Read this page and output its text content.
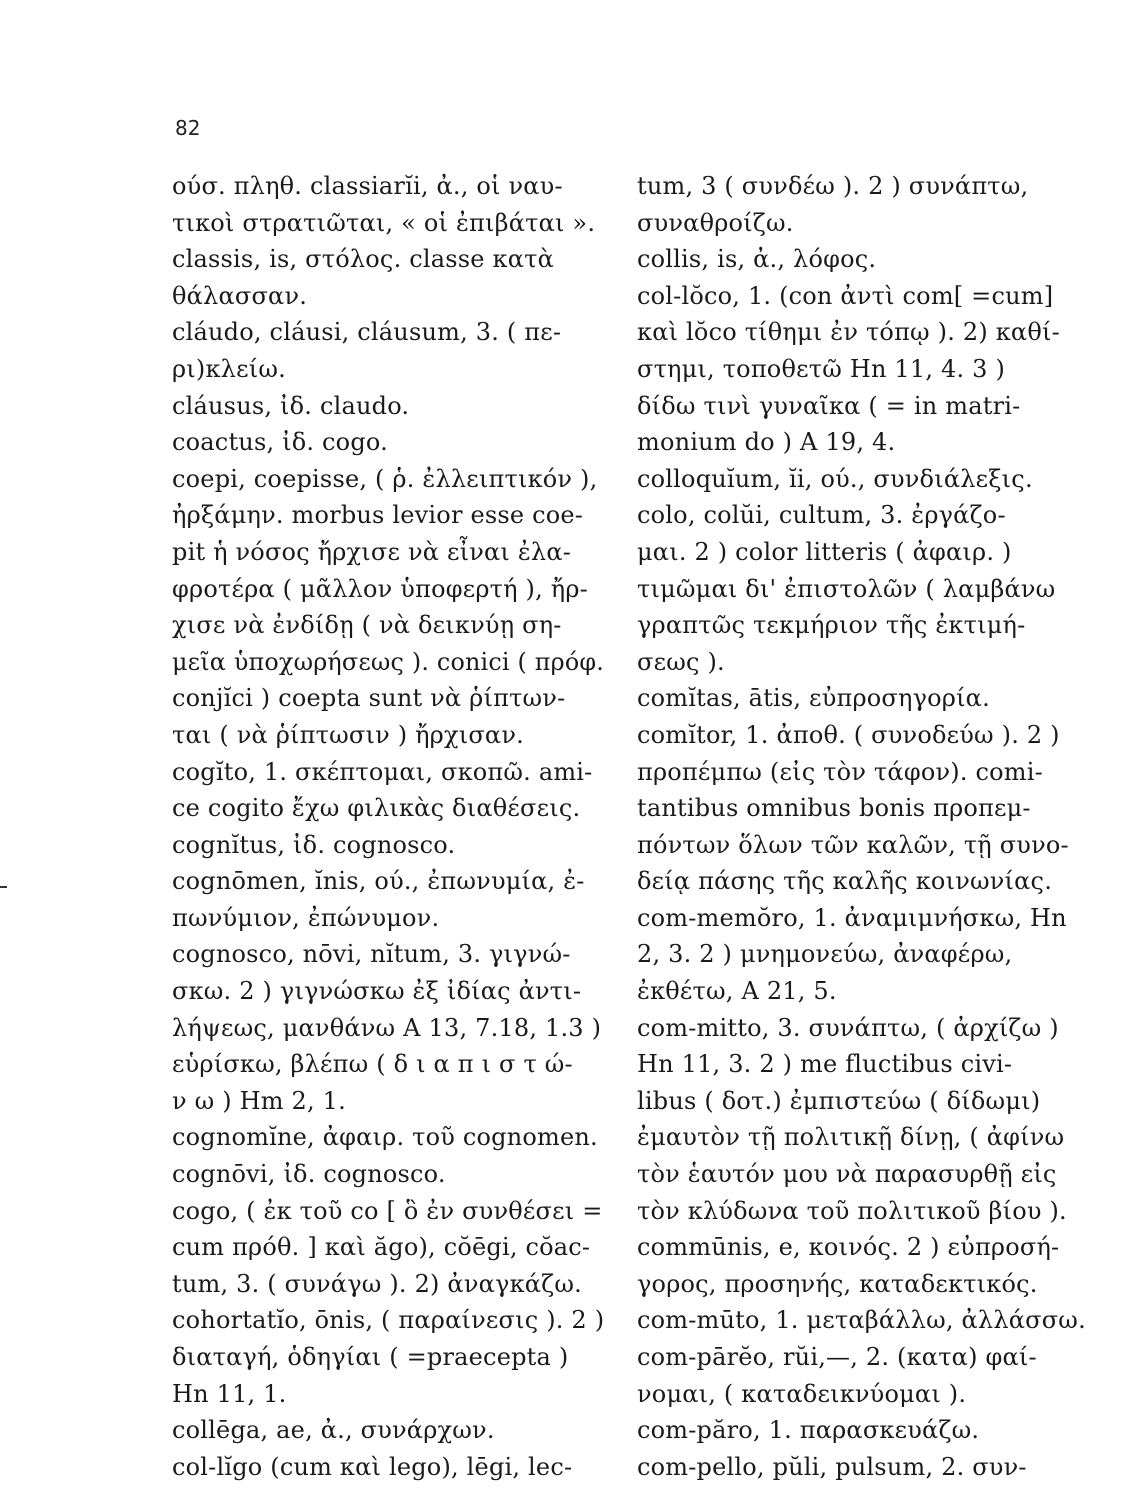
82
ούσ. πληθ. classiarĭi, ἀ., οἱ ναυ-
τικοὶ στρατιῶται, « οἱ ἐπιβάται ».
classis, is, στόλος. classe κατὰ
θάλασσαν.
cláudo, cláusi, cláusum, 3. ( πε-
ρι)κλείω.
cláusus, ἰδ. claudo.
coactus, ἰδ. cogo.
coepi, coepisse, ( ῥ. ἐλλειπτικόν ),
ἠρξάμην. morbus levior esse coe-
pit ἡ νόσος ἤρχισε νὰ εἶναι ἐλα-
φροτέρα ( μᾶλλον ὑποφερτή ), ἤρ-
χισε νὰ ἐνδίδῃ ( νὰ δεικνύῃ ση-
μεῖα ὑποχωρήσεως ). conici ( πρόφ.
conjĭci ) coepta sunt νὰ ῥίπτων-
ται ( νὰ ῥίπτωσιν ) ἤρχισαν.
cogĭto, 1. σκέπτομαι, σκοπῶ. ami-
ce cogito ἔχω φιλικὰς διαθέσεις.
cognĭtus, ἰδ. cognosco.
cognōmen, ĭnis, ού., ἐπωνυμία, ἐ-
πωνύμιον, ἐπώνυμον.
cognosco, nōvi, nĭtum, 3. γιγνώ-
σκω. 2 ) γιγνώσκω ἐξ ἰδίας ἀντι-
λήψεως, μανθάνω A 13, 7.18, 1.3 )
εὑρίσκω, βλέπω ( δ ι α π ι σ τ ώ-
ν ω ) Hm 2, 1.
cognomĭne, ἀφαιρ. τοῦ cognomen.
cognōvi, ἰδ. cognosco.
cogo, ( ἐκ τοῦ co [ ὃ ἐν συνθέσει =
cum πρόθ. ] καὶ ăgo), cŏēgi, cŏac-
tum, 3. ( συνάγω ). 2) ἀναγκάζω.
cohortatĭo, ōnis, ( παραίνεσις ). 2 )
διαταγή, ὁδηγίαι ( =praecepta )
Hn 11, 1.
collēga, ae, ἀ., συνάρχων.
col-lĭgo (cum καὶ lego), lēgi, lec-
tum, 3 ( συνδέω ). 2 ) συνάπτω,
συναθροίζω.
collis, is, ἀ., λόφος.
col-lŏco, 1. (con ἀντὶ com[ =cum]
καὶ lŏco τίθημι ἐν τόπῳ ). 2) καθί-
στημι, τοποθετῶ Hn 11, 4. 3 )
δίδω τινὶ γυναῖκα ( = in matri-
monium do ) A 19, 4.
colloquĭum, ĭi, ού., συνδιάλεξις.
colo, colŭi, cultum, 3. ἐργάζο-
μαι. 2 ) color litteris ( ἀφαιρ. )
τιμῶμαι δι' ἐπιστολῶν ( λαμβάνω
γραπτῶς τεκμήριον τῆς ἐκτιμή-
σεως ).
comĭtas, ātis, εὐπροσηγορία.
comĭtor, 1. ἀποθ. ( συνοδεύω ). 2 )
προπέμπω (εἰς τὸν τάφον). comi-
tantibus omnibus bonis προπεμ-
πόντων ὅλων τῶν καλῶν, τῇ συνο-
δείᾳ πάσης τῆς καλῆς κοινωνίας.
com-memŏro, 1. ἀναμιμνήσκω, Hn
2, 3. 2 ) μνημονεύω, ἀναφέρω,
ἐκθέτω, A 21, 5.
com-mitto, 3. συνάπτω, ( ἀρχίζω )
Hn 11, 3. 2 ) me fluctibus civi-
libus ( δοτ.) ἐμπιστεύω ( δίδωμι)
ἐμαυτὸν τῇ πολιτικῇ δίνῃ, ( ἀφίνω
τὸν ἑαυτόν μου νὰ παρασυρθῇ εἰς
τὸν κλύδωνα τοῦ πολιτικοῦ βίου ).
commūnis, e, κοινός. 2 ) εὐπροσή-
γορος, προσηνής, καταδεκτικός.
com-mūto, 1. μεταβάλλω, ἀλλάσσω.
com-pārĕo, rŭi,—, 2. (κατα) φαί-
νομαι, ( καταδεικνύομαι ).
com-păro, 1. παρασκευάζω.
com-pello, pŭli, pulsum, 2. συν-
